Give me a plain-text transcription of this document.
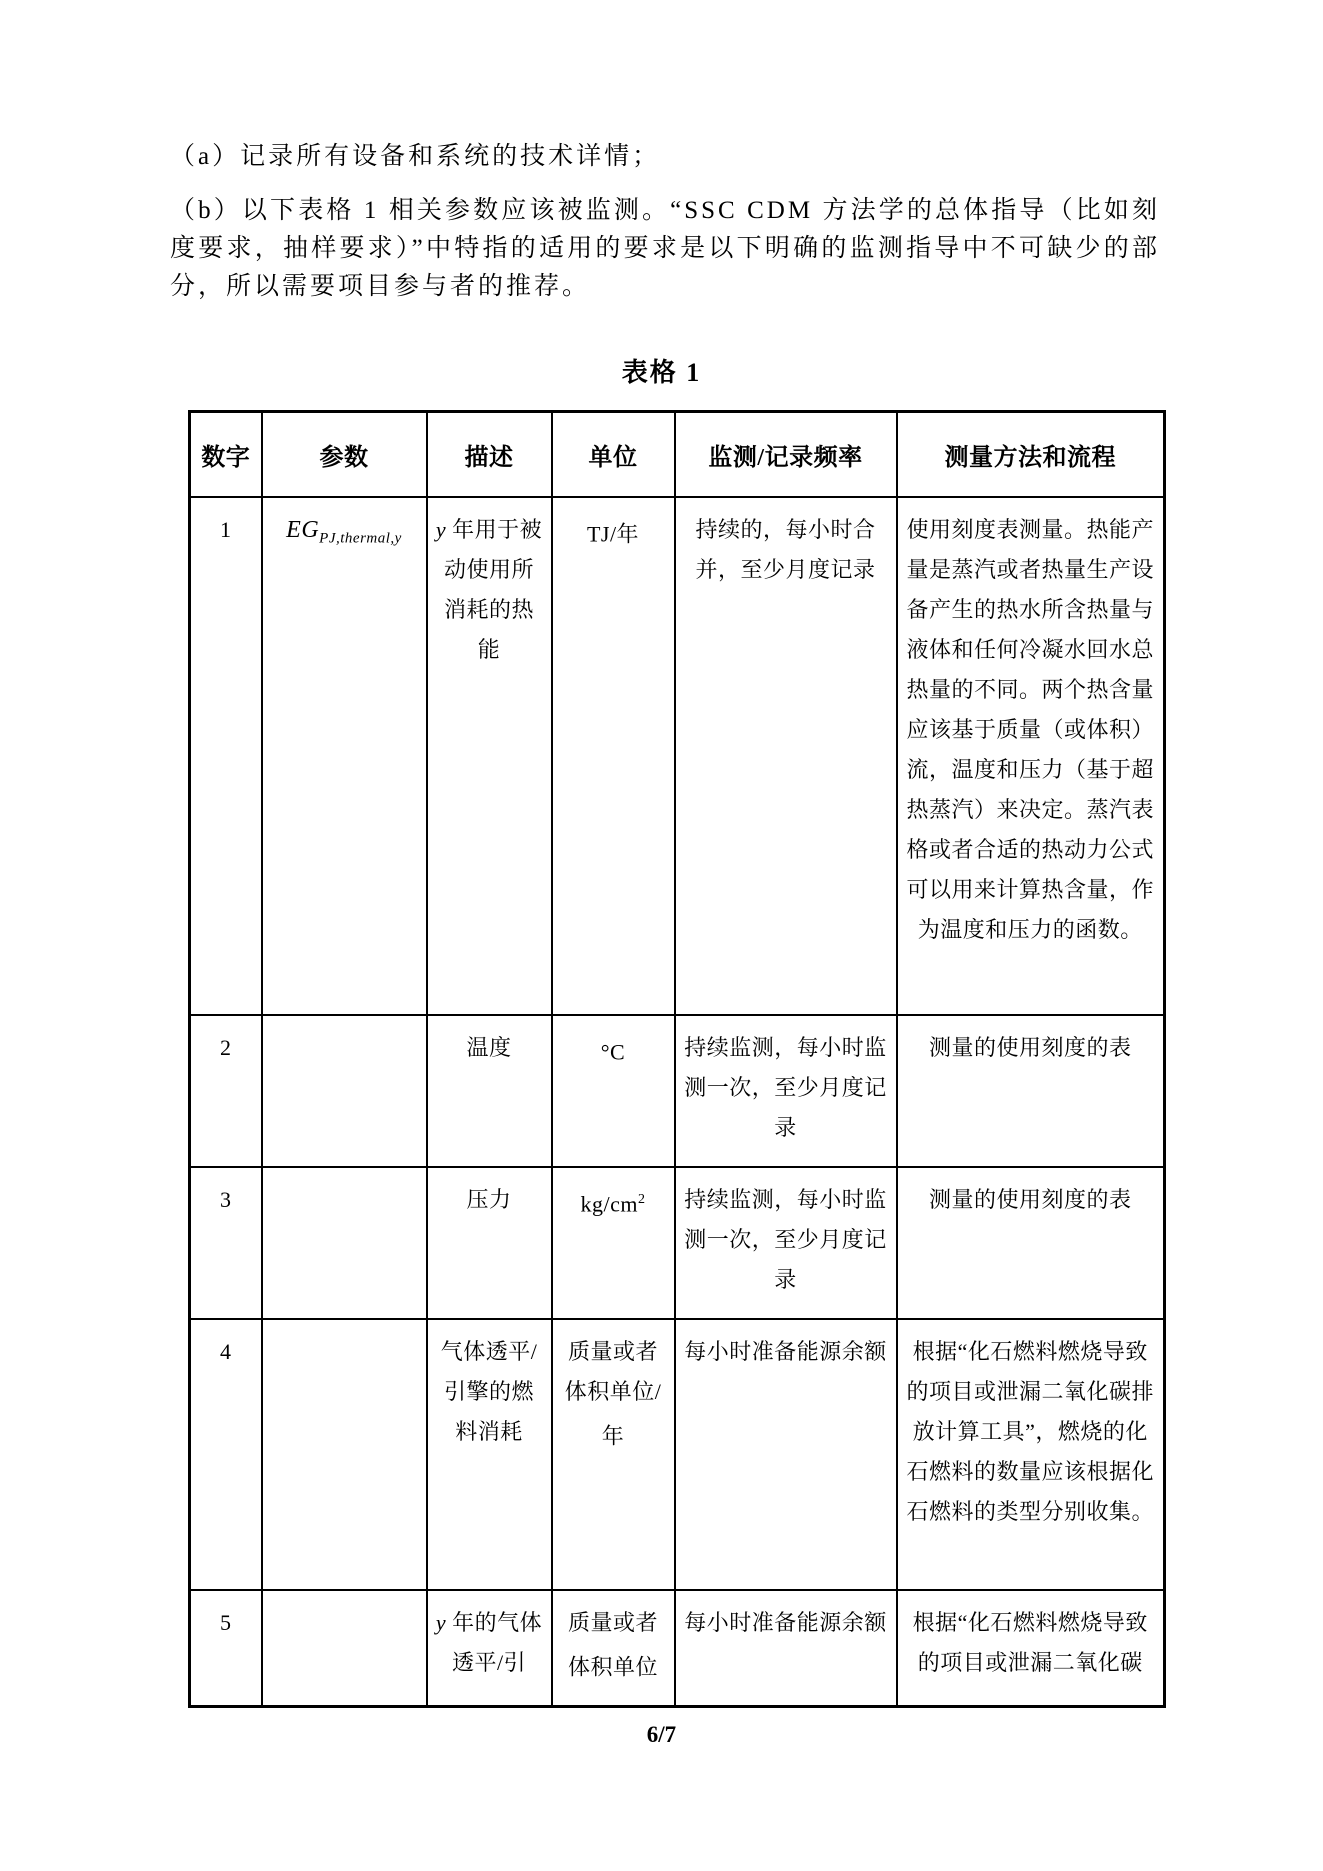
（a）记录所有设备和系统的技术详情；
（b）以下表格 1 相关参数应该被监测。“SSC CDM 方法学的总体指导（比如刻度要求，抽样要求）”中特指的适用的要求是以下明确的监测指导中不可缺少的部分，所以需要项目参与者的推荐。
表格 1
数字	参数	描述	单位	监测/记录频率	测量方法和流程
1	$EG_{PJ,thermal,y}$	y 年用于被动使用所消耗的热能	TJ/年	持续的，每小时合并，至少月度记录	使用刻度表测量。热能产量是蒸汽或者热量生产设备产生的热水所含热量与液体和任何冷凝水回水总热量的不同。两个热含量应该基于质量（或体积）流，温度和压力（基于超热蒸汽）来决定。蒸汽表格或者合适的热动力公式可以用来计算热含量，作为温度和压力的函数。
2		温度	°C	持续监测，每小时监测一次，至少月度记录	测量的使用刻度的表
3		压力	$kg/cm^2$	持续监测，每小时监测一次，至少月度记录	测量的使用刻度的表
4		气体透平/引擎的燃料消耗	质量或者体积单位/年	每小时准备能源余额	根据“化石燃料燃烧导致的项目或泄漏二氧化碳排放计算工具”，燃烧的化石燃料的数量应该根据化石燃料的类型分别收集。
5		y 年的气体透平/引	质量或者体积单位	每小时准备能源余额	根据“化石燃料燃烧导致的项目或泄漏二氧化碳
6/7
